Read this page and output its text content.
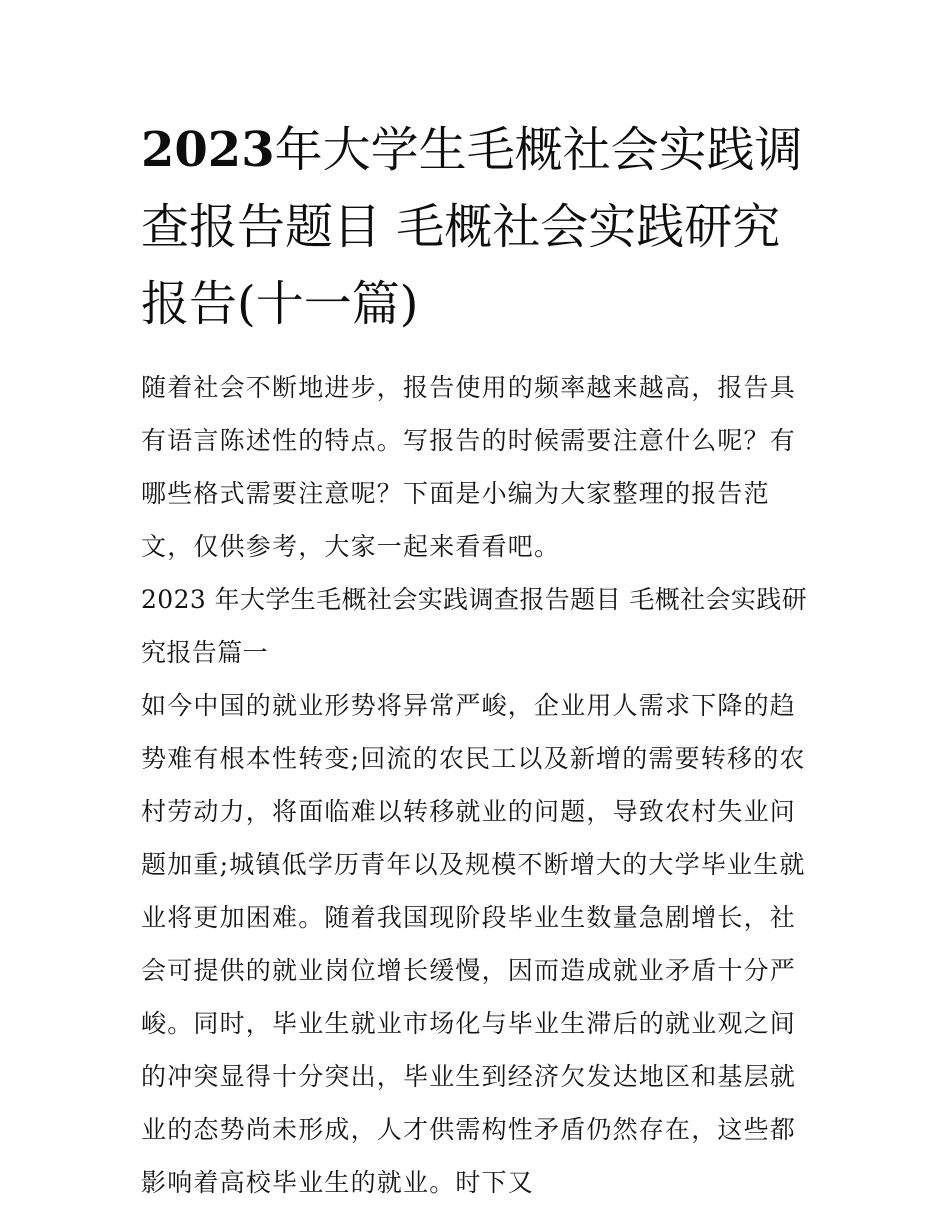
2023年大学生毛概社会实践调查报告题目 毛概社会实践研究报告(十一篇)

随着社会不断地进步，报告使用的频率越来越高，报告具有语言陈述性的特点。写报告的时候需要注意什么呢？有哪些格式需要注意呢？下面是小编为大家整理的报告范文，仅供参考，大家一起来看看吧。

2023 年大学生毛概社会实践调查报告题目 毛概社会实践研究报告篇一

如今中国的就业形势将异常严峻，企业用人需求下降的趋势难有根本性转变;回流的农民工以及新增的需要转移的农村劳动力，将面临难以转移就业的问题，导致农村失业问题加重;城镇低学历青年以及规模不断增大的大学毕业生就业将更加困难。随着我国现阶段毕业生数量急剧增长，社会可提供的就业岗位增长缓慢，因而造成就业矛盾十分严峻。同时，毕业生就业市场化与毕业生滞后的就业观之间的冲突显得十分突出，毕业生到经济欠发达地区和基层就业的态势尚未形成，人才供需构性矛盾仍然存在，这些都影响着高校毕业生的就业。时下又
